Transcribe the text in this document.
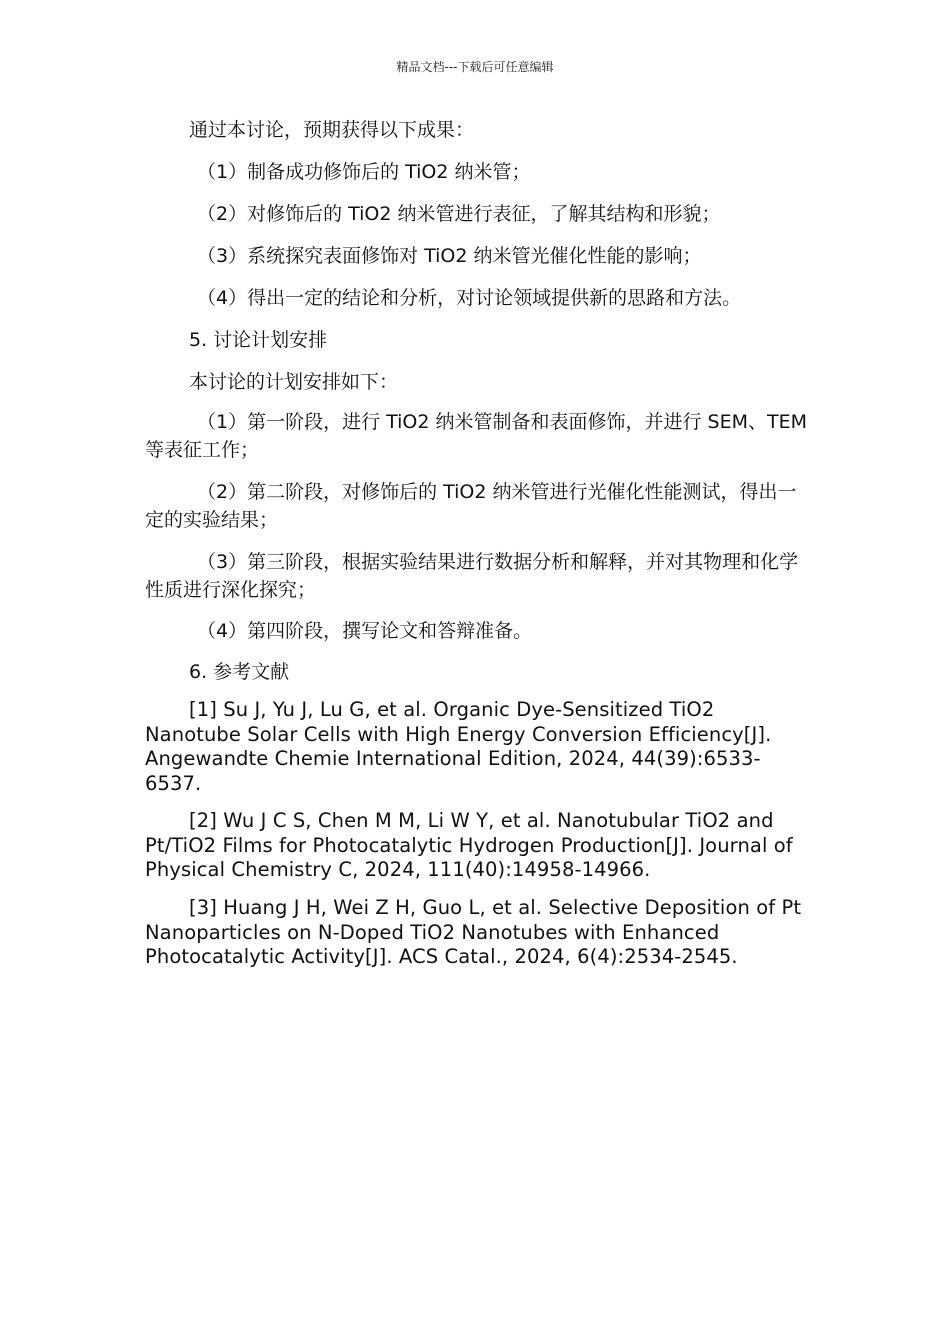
精品文档---下载后可任意编辑

通过本讨论，预期获得以下成果：

（1）制备成功修饰后的 TiO2 纳米管；

（2）对修饰后的 TiO2 纳米管进行表征，了解其结构和形貌；

（3）系统探究表面修饰对 TiO2 纳米管光催化性能的影响；

（4）得出一定的结论和分析，对讨论领域提供新的思路和方法。

5. 讨论计划安排

本讨论的计划安排如下：

（1）第一阶段，进行 TiO2 纳米管制备和表面修饰，并进行 SEM、TEM 等表征工作；

（2）第二阶段，对修饰后的 TiO2 纳米管进行光催化性能测试，得出一定的实验结果；

（3）第三阶段，根据实验结果进行数据分析和解释，并对其物理和化学性质进行深化探究；

（4）第四阶段，撰写论文和答辩准备。

6. 参考文献

[1] Su J, Yu J, Lu G, et al. Organic Dye-Sensitized TiO2 Nanotube Solar Cells with High Energy Conversion Efficiency[J]. Angewandte Chemie International Edition, 2024, 44(39):6533-6537.

[2] Wu J C S, Chen M M, Li W Y, et al. Nanotubular TiO2 and Pt/TiO2 Films for Photocatalytic Hydrogen Production[J]. Journal of Physical Chemistry C, 2024, 111(40):14958-14966.

[3] Huang J H, Wei Z H, Guo L, et al. Selective Deposition of Pt Nanoparticles on N-Doped TiO2 Nanotubes with Enhanced Photocatalytic Activity[J]. ACS Catal., 2024, 6(4):2534-2545.
